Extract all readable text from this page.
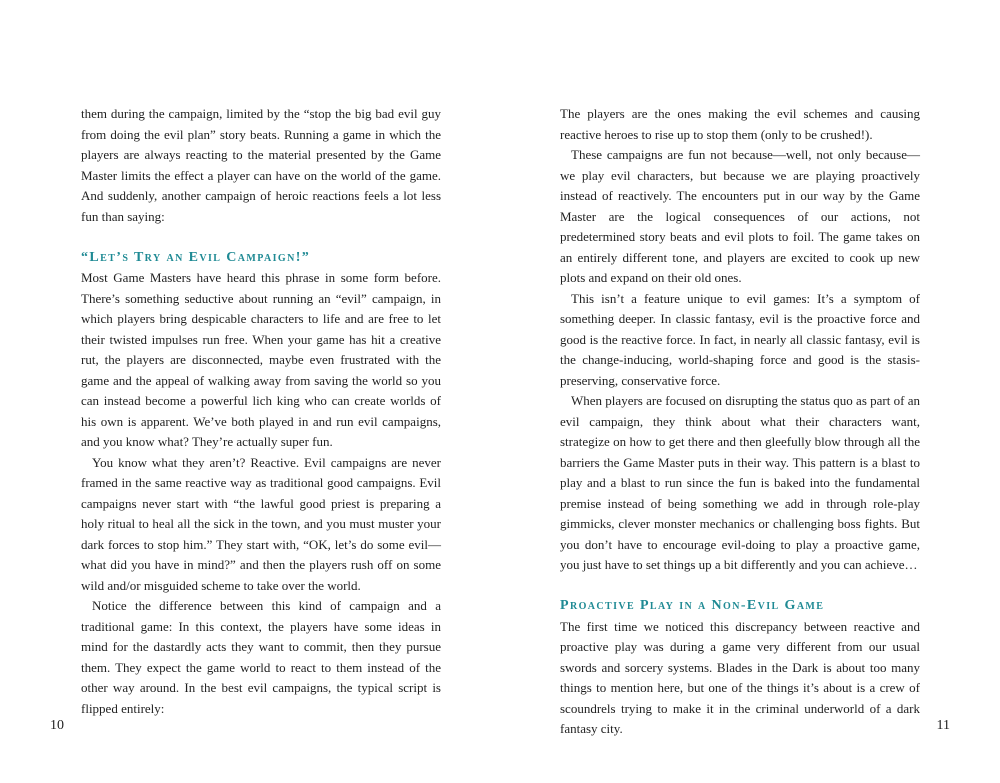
them during the campaign, limited by the “stop the big bad evil guy from doing the evil plan” story beats. Running a game in which the players are always reacting to the material presented by the Game Master limits the effect a player can have on the world of the game. And suddenly, another campaign of heroic reactions feels a lot less fun than saying:

“Let’s Try an Evil Campaign!”

Most Game Masters have heard this phrase in some form before. There’s something seductive about running an “evil” campaign, in which players bring despicable characters to life and are free to let their twisted impulses run free. When your game has hit a creative rut, the players are disconnected, maybe even frustrated with the game and the appeal of walking away from saving the world so you can instead become a powerful lich king who can create worlds of his own is apparent. We’ve both played in and run evil campaigns, and you know what? They’re actually super fun.

You know what they aren’t? Reactive. Evil campaigns are never framed in the same reactive way as traditional good campaigns. Evil campaigns never start with “the lawful good priest is preparing a holy ritual to heal all the sick in the town, and you must muster your dark forces to stop him.” They start with, “OK, let’s do some evil—what did you have in mind?” and then the players rush off on some wild and/or misguided scheme to take over the world.

Notice the difference between this kind of campaign and a traditional game: In this context, the players have some ideas in mind for the dastardly acts they want to commit, then they pursue them. They expect the game world to react to them instead of the other way around. In the best evil campaigns, the typical script is flipped entirely:

10

The players are the ones making the evil schemes and causing reactive heroes to rise up to stop them (only to be crushed!).

These campaigns are fun not because—well, not only because—we play evil characters, but because we are playing proactively instead of reactively. The encounters put in our way by the Game Master are the logical consequences of our actions, not predetermined story beats and evil plots to foil. The game takes on an entirely different tone, and players are excited to cook up new plots and expand on their old ones.

This isn’t a feature unique to evil games: It’s a symptom of something deeper. In classic fantasy, evil is the proactive force and good is the reactive force. In fact, in nearly all classic fantasy, evil is the change-inducing, world-shaping force and good is the stasis-preserving, conservative force.

When players are focused on disrupting the status quo as part of an evil campaign, they think about what their characters want, strategize on how to get there and then gleefully blow through all the barriers the Game Master puts in their way. This pattern is a blast to play and a blast to run since the fun is baked into the fundamental premise instead of being something we add in through role-play gimmicks, clever monster mechanics or challenging boss fights. But you don’t have to encourage evil-doing to play a proactive game, you just have to set things up a bit differently and you can achieve…

Proactive Play in a Non-Evil Game

The first time we noticed this discrepancy between reactive and proactive play was during a game very different from our usual swords and sorcery systems. Blades in the Dark is about too many things to mention here, but one of the things it’s about is a crew of scoundrels trying to make it in the criminal underworld of a dark fantasy city.	11
